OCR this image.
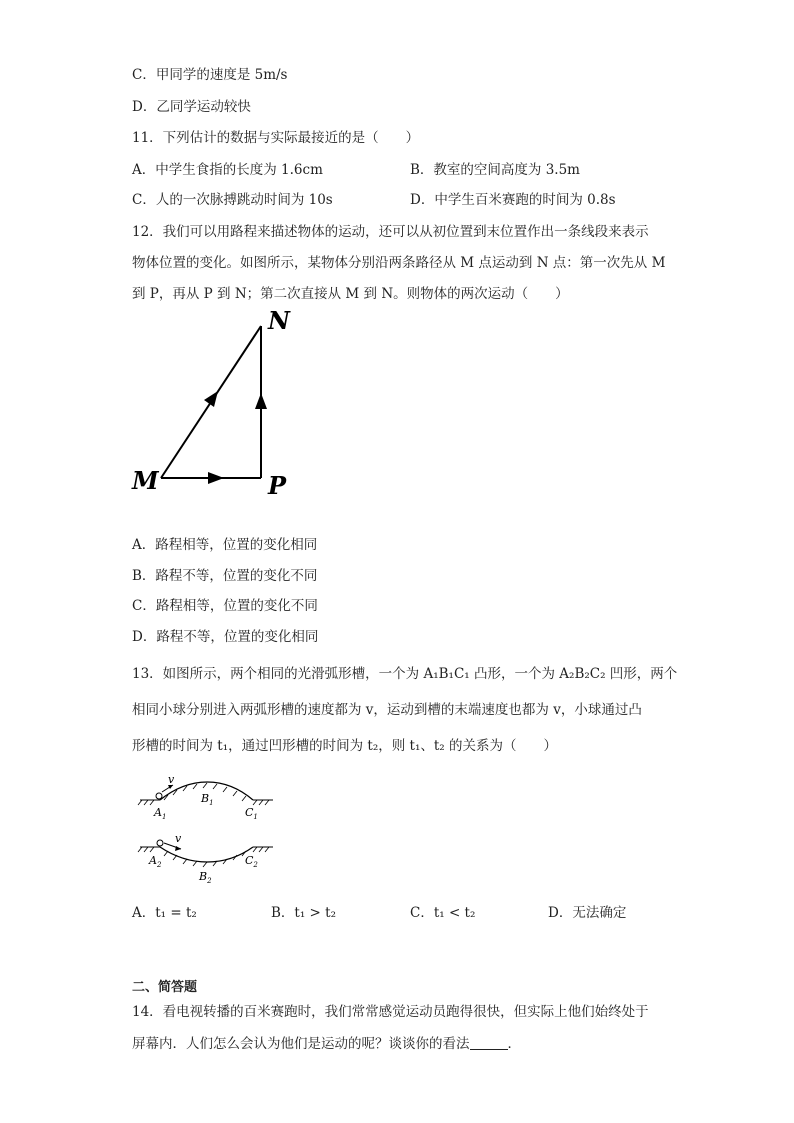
C．甲同学的速度是 5m/s
D．乙同学运动较快
11．下列估计的数据与实际最接近的是（　　）
A．中学生食指的长度为 1.6cm	B．教室的空间高度为 3.5m
C．人的一次脉搏跳动时间为 10s	D．中学生百米赛跑的时间为 0.8s
12．我们可以用路程来描述物体的运动，还可以从初位置到末位置作出一条线段来表示
物体位置的变化。如图所示，某物体分别沿两条路径从 M 点运动到 N 点：第一次先从 M
到 P，再从 P 到 N；第二次直接从 M 到 N。则物体的两次运动（　　）
N
M	P
A．路程相等，位置的变化相同
B．路程不等，位置的变化不同
C．路程相等，位置的变化不同
D．路程不等，位置的变化相同
13．如图所示，两个相同的光滑弧形槽，一个为 A₁B₁C₁ 凸形，一个为 A₂B₂C₂ 凹形，两个
相同小球分别进入两弧形槽的速度都为 v，运动到槽的末端速度也都为 v，小球通过凸
形槽的时间为 t₁，通过凹形槽的时间为 t₂，则 t₁、t₂ 的关系为（　　）
v
$A_1$
$B_1$
$C_1$
v
$A_2$
$B_2$
$C_2$
A．t₁ = t₂	B．t₁ > t₂	C．t₁ < t₂	D．无法确定
二、简答题
14．看电视转播的百米赛跑时，我们常常感觉运动员跑得很快，但实际上他们始终处于
屏幕内．人们怎么会认为他们是运动的呢？谈谈你的看法	．
